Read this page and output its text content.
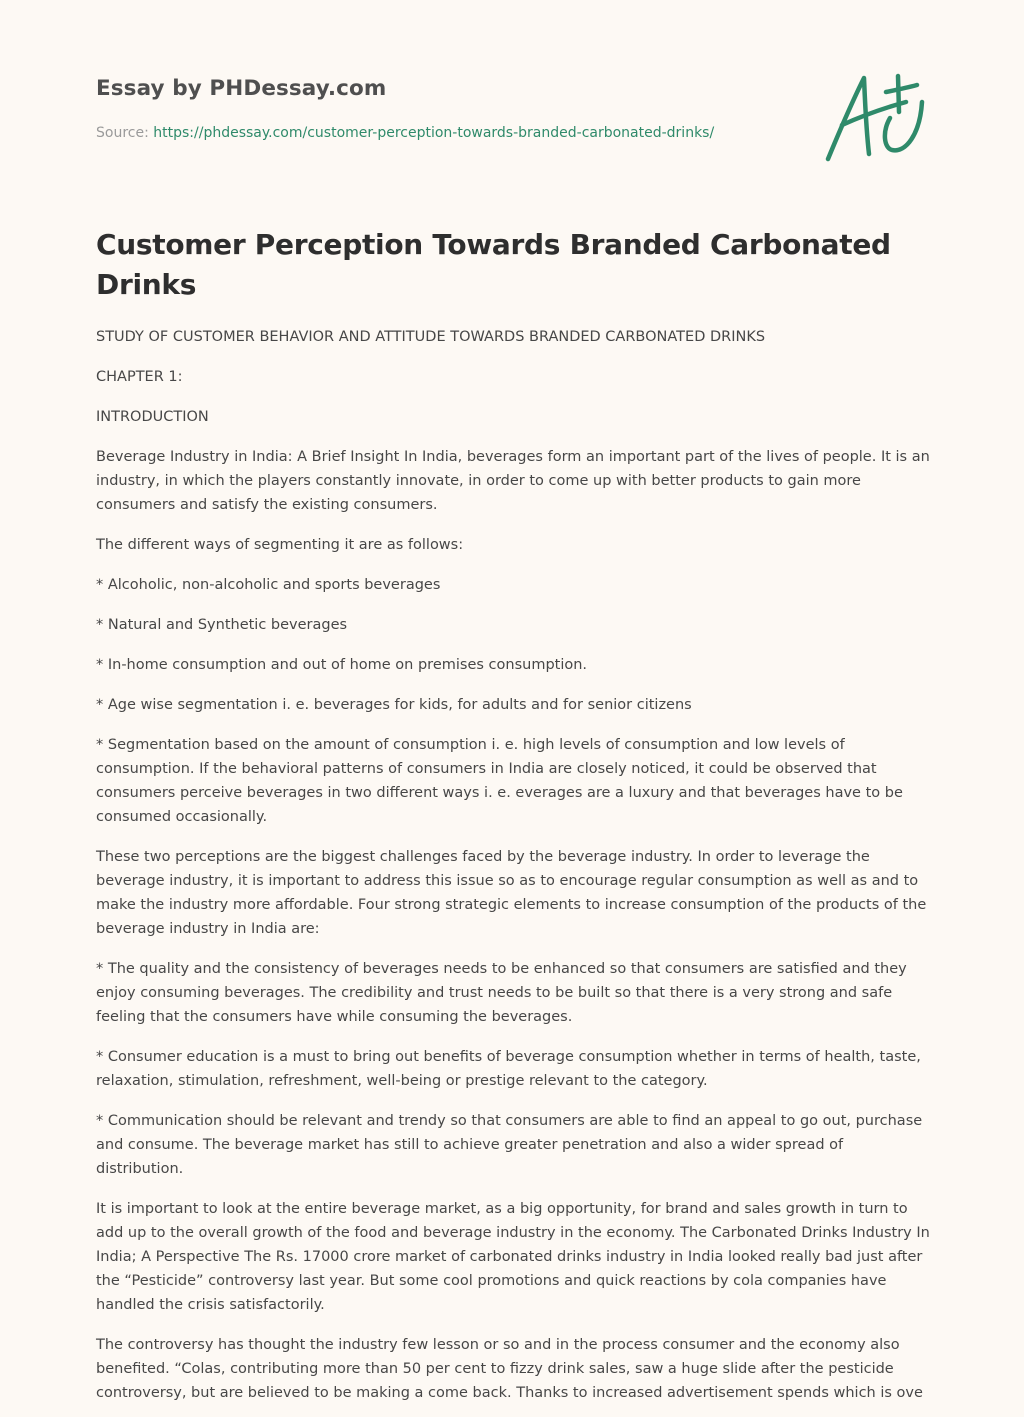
Essay by PHDessay.com
Source: https://phdessay.com/customer-perception-towards-branded-carbonated-drinks/
Customer Perception Towards Branded Carbonated Drinks

STUDY OF CUSTOMER BEHAVIOR AND ATTITUDE TOWARDS BRANDED CARBONATED DRINKS

CHAPTER 1:

INTRODUCTION

Beverage Industry in India: A Brief Insight In India, beverages form an important part of the lives of people. It is an industry, in which the players constantly innovate, in order to come up with better products to gain more consumers and satisfy the existing consumers.

The different ways of segmenting it are as follows:

* Alcoholic, non-alcoholic and sports beverages

* Natural and Synthetic beverages

* In-home consumption and out of home on premises consumption.

* Age wise segmentation i. e. beverages for kids, for adults and for senior citizens

* Segmentation based on the amount of consumption i. e. high levels of consumption and low levels of consumption. If the behavioral patterns of consumers in India are closely noticed, it could be observed that consumers perceive beverages in two different ways i. e. everages are a luxury and that beverages have to be consumed occasionally.

These two perceptions are the biggest challenges faced by the beverage industry. In order to leverage the beverage industry, it is important to address this issue so as to encourage regular consumption as well as and to make the industry more affordable. Four strong strategic elements to increase consumption of the products of the beverage industry in India are:

* The quality and the consistency of beverages needs to be enhanced so that consumers are satisfied and they enjoy consuming beverages. The credibility and trust needs to be built so that there is a very strong and safe feeling that the consumers have while consuming the beverages.

* Consumer education is a must to bring out benefits of beverage consumption whether in terms of health, taste, relaxation, stimulation, refreshment, well-being or prestige relevant to the category.

* Communication should be relevant and trendy so that consumers are able to find an appeal to go out, purchase and consume. The beverage market has still to achieve greater penetration and also a wider spread of distribution.

It is important to look at the entire beverage market, as a big opportunity, for brand and sales growth in turn to add up to the overall growth of the food and beverage industry in the economy. The Carbonated Drinks Industry In India; A Perspective The Rs. 17000 crore market of carbonated drinks industry in India looked really bad just after the “Pesticide” controversy last year. But some cool promotions and quick reactions by cola companies have handled the crisis satisfactorily.

The controversy has thought the industry few lesson or so and in the process consumer and the economy also benefited. “Colas, contributing more than 50 per cent to fizzy drink sales, saw a huge slide after the pesticide controversy, but are believed to be making a come back. Thanks to increased advertisement spends which is ove
